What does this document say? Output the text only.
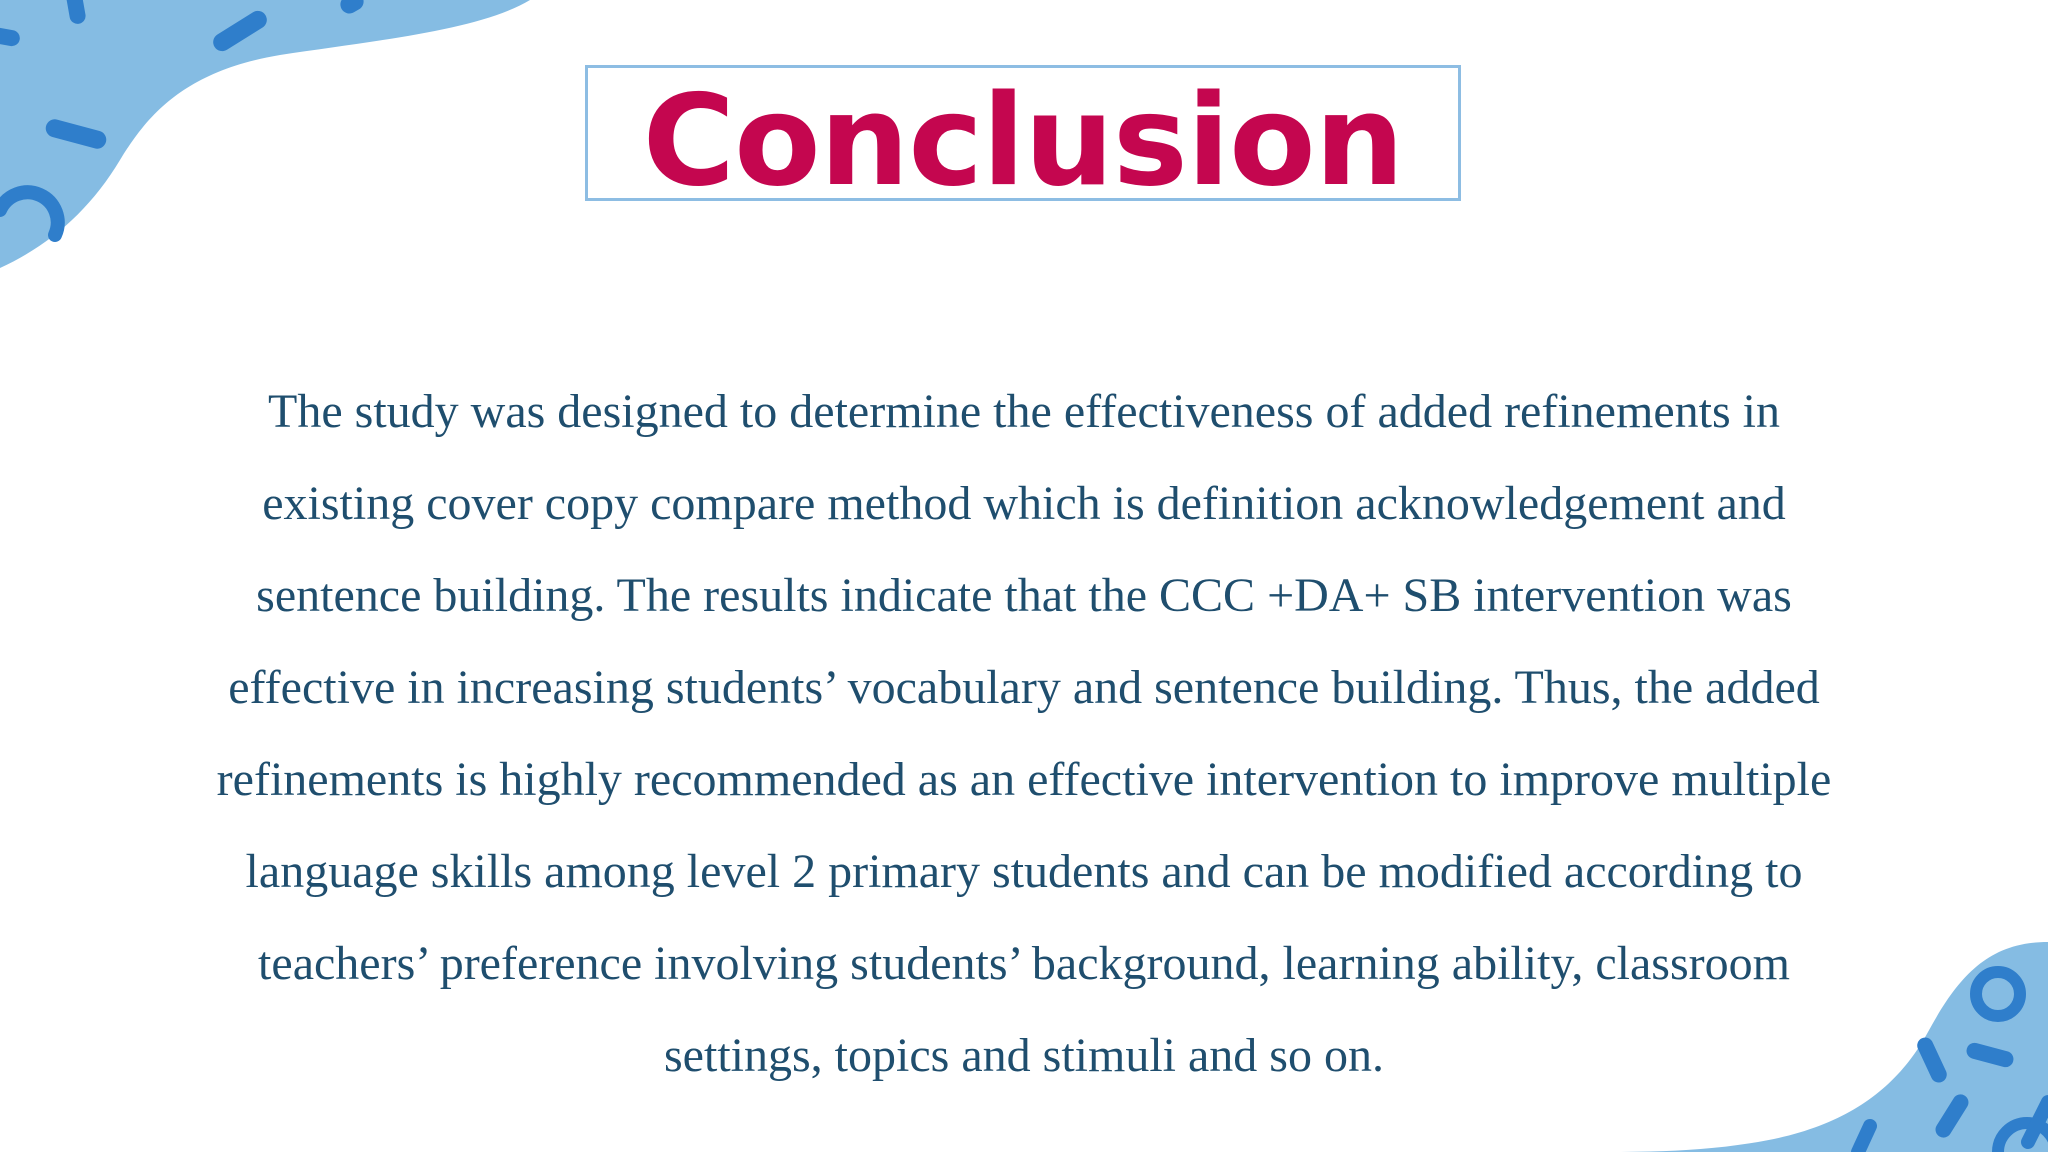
Conclusion

The study was designed to determine the effectiveness of added refinements in existing cover copy compare method which is definition acknowledgement and sentence building. The results indicate that the CCC +DA+ SB intervention was effective in increasing students’ vocabulary and sentence building. Thus, the added refinements is highly recommended as an effective intervention to improve multiple language skills among level 2 primary students and can be modified according to teachers’ preference involving students’ background, learning ability, classroom settings, topics and stimuli and so on.
